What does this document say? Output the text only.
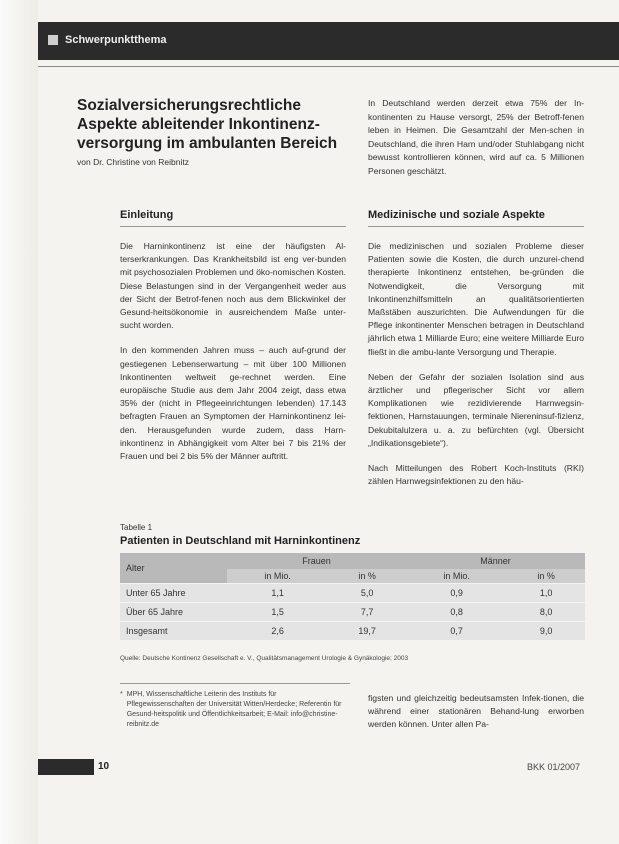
Schwerpunktthema
Sozialversicherungsrechtliche
Aspekte ableitender Inkontinenz-
versorgung im ambulanten Bereich
von Dr. Christine von Reibnitz
In Deutschland werden derzeit etwa 75% der In-kontinenten zu Hause versorgt, 25% der Betroff-fenen leben in Heimen. Die Gesamtzahl der Men-schen in Deutschland, die ihren Harn und/oder Stuhlabgang nicht bewusst kontrollieren können, wird auf ca. 5 Millionen Personen geschätzt.
Einleitung

Die Harninkontinenz ist eine der häufigsten Al-terserkrankungen. Das Krankheitsbild ist eng ver-bunden mit psychosozialen Problemen und öko-nomischen Kosten. Diese Belastungen sind in der Vergangenheit weder aus der Sicht der Betrof-fenen noch aus dem Blickwinkel der Gesund-heitsökonomie in ausreichendem Maße unter-sucht worden.

In den kommenden Jahren muss – auch auf-grund der gestiegenen Lebenserwartung – mit über 100 Millionen Inkontinenten weltweit ge-rechnet werden. Eine europäische Studie aus dem Jahr 2004 zeigt, dass etwa 35% der (nicht in Pflegeeinrichtungen lebenden) 17.143 befragten Frauen an Symptomen der Harninkontinenz lei-den. Herausgefunden wurde zudem, dass Harn-inkontinenz in Abhängigkeit vom Alter bei 7 bis 21% der Frauen und bei 2 bis 5% der Männer auftritt.

Medizinische und soziale Aspekte

Die medizinischen und sozialen Probleme dieser Patienten sowie die Kosten, die durch unzurei-chend therapierte Inkontinenz entstehen, be-gründen die Notwendigkeit, die Versorgung mit Inkontinenzhilfsmitteln an qualitätsorientierten Maßstäben auszurichten. Die Aufwendungen für die Pflege inkontinenter Menschen betragen in Deutschland jährlich etwa 1 Milliarde Euro; eine weitere Milliarde Euro fließt in die ambu-lante Versorgung und Therapie.

Neben der Gefahr der sozialen Isolation sind aus ärztlicher und pflegerischer Sicht vor allem Komplikationen wie rezidivierende Harnwegsin-fektionen, Harnstauungen, terminale Niereninsuf-fizienz, Dekubitalulzera u. a. zu befürchten (vgl. Übersicht „Indikationsgebiete“).

Nach Mitteilungen des Robert Koch-Instituts (RKI) zählen Harnwegsinfektionen zu den häu-

Tabelle 1
Patienten in Deutschland mit Harninkontinenz
Alter	Frauen		Männer	
	in Mio.	in %	in Mio.	in %
Unter 65 Jahre	1,1	5,0	0,9	1,0
Über 65 Jahre	1,5	7,7	0,8	8,0
Insgesamt	2,6	19,7	0,7	9,0
Quelle: Deutsche Kontinenz Gesellschaft e. V., Qualitätsmanagement Urologie & Gynäkologie; 2003
* MPH, Wissenschaftliche Leiterin des Instituts für Pflegewissenschaften der Universität Witten/Herdecke; Referentin für Gesund-heitspolitik und Öffentlichkeitsarbeit; E-Mail: info@christine-reibnitz.de
figsten und gleichzeitig bedeutsamsten Infek-tionen, die während einer stationären Behand-lung erworben werden können. Unter allen Pa-
10	BKK 01/2007
